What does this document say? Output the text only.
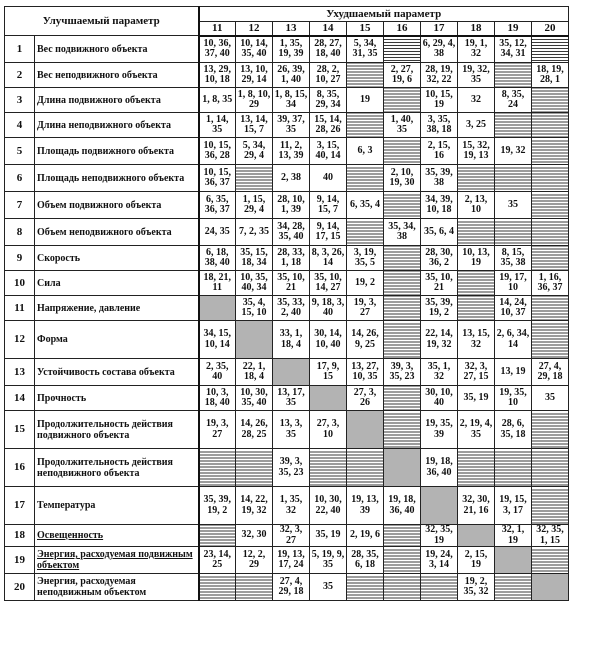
Улучшаемый параметр		Ухудшаемый параметр									
		11	12	13	14	15	16	17	18	19	20
1	Вес подвижного объекта	10, 36, 37, 40	10, 14, 35, 40	1, 35, 19, 39	28, 27, 18, 40	5, 34, 31, 35		6, 29, 4, 38	19, 1, 32	35, 12, 34, 31	
2	Вес неподвижного объекта	13, 29, 10, 18	13, 10, 29, 14	26, 39, 1, 40	28, 2, 10, 27		2, 27, 19, 6	28, 19, 32, 22	19, 32, 35		18, 19, 28, 1
3	Длина подвижного объекта	1, 8, 35	1, 8, 10, 29	1, 8, 15, 34	8, 35, 29, 34	19		10, 15, 19	32	8, 35, 24	
4	Длина неподвижного объекта	1, 14, 35	13, 14, 15, 7	39, 37, 35	15, 14, 28, 26		1, 40, 35	3, 35, 38, 18	3, 25		
5	Площадь подвижного объекта	10, 15, 36, 28	5, 34, 29, 4	11, 2, 13, 39	3, 15, 40, 14	6, 3		2, 15, 16	15, 32, 19, 13	19, 32	
6	Площадь неподвижного объекта	10, 15, 36, 37		2, 38	40		2, 10, 19, 30	35, 39, 38			
7	Объем подвижного объекта	6, 35, 36, 37	1, 15, 29, 4	28, 10, 1, 39	9, 14, 15, 7	6, 35, 4		34, 39, 10, 18	2, 13, 10	35	
8	Объем неподвижного объекта	24, 35	7, 2, 35	34, 28, 35, 40	9, 14, 17, 15		35, 34, 38	35, 6, 4			
9	Скорость	6, 18, 38, 40	35, 15, 18, 34	28, 33, 1, 18	8, 3, 26, 14	3, 19, 35, 5		28, 30, 36, 2	10, 13, 19	8, 15, 35, 38	
10	Сила	18, 21, 11	10, 35, 40, 34	35, 10, 21	35, 10, 14, 27	19, 2		35, 10, 21		19, 17, 10	1, 16, 36, 37
11	Напряжение, давление		35, 4, 15, 10	35, 33, 2, 40	9, 18, 3, 40	19, 3, 27		35, 39, 19, 2		14, 24, 10, 37	
12	Форма	34, 15, 10, 14		33, 1, 18, 4	30, 14, 10, 40	14, 26, 9, 25		22, 14, 19, 32	13, 15, 32	2, 6, 34, 14	
13	Устойчивость состава объекта	2, 35, 40	22, 1, 18, 4		17, 9, 15	13, 27, 10, 35	39, 3, 35, 23	35, 1, 32	32, 3, 27, 15	13, 19	27, 4, 29, 18
14	Прочность	10, 3, 18, 40	10, 30, 35, 40	13, 17, 35		27, 3, 26		30, 10, 40	35, 19	19, 35, 10	35
15	Продолжительность действия подвижного объекта	19, 3, 27	14, 26, 28, 25	13, 3, 35	27, 3, 10			19, 35, 39	2, 19, 4, 35	28, 6, 35, 18	
16	Продолжительность действия неподвижного объекта			39, 3, 35, 23				19, 18, 36, 40			
17	Температура	35, 39, 19, 2	14, 22, 19, 32	1, 35, 32	10, 30, 22, 40	19, 13, 39	19, 18, 36, 40		32, 30, 21, 16	19, 15, 3, 17	
18	Освещенность		32, 30	32, 3, 27	35, 19	2, 19, 6		32, 35, 19		32, 1, 19	32, 35, 1, 15
19	Энергия, расходуемая подвижным объектом	23, 14, 25	12, 2, 29	19, 13, 17, 24	5, 19, 9, 35	28, 35, 6, 18		19, 24, 3, 14	2, 15, 19		
20	Энергия, расходуемая неподвижным объектом			27, 4, 29, 18	35				19, 2, 35, 32		
